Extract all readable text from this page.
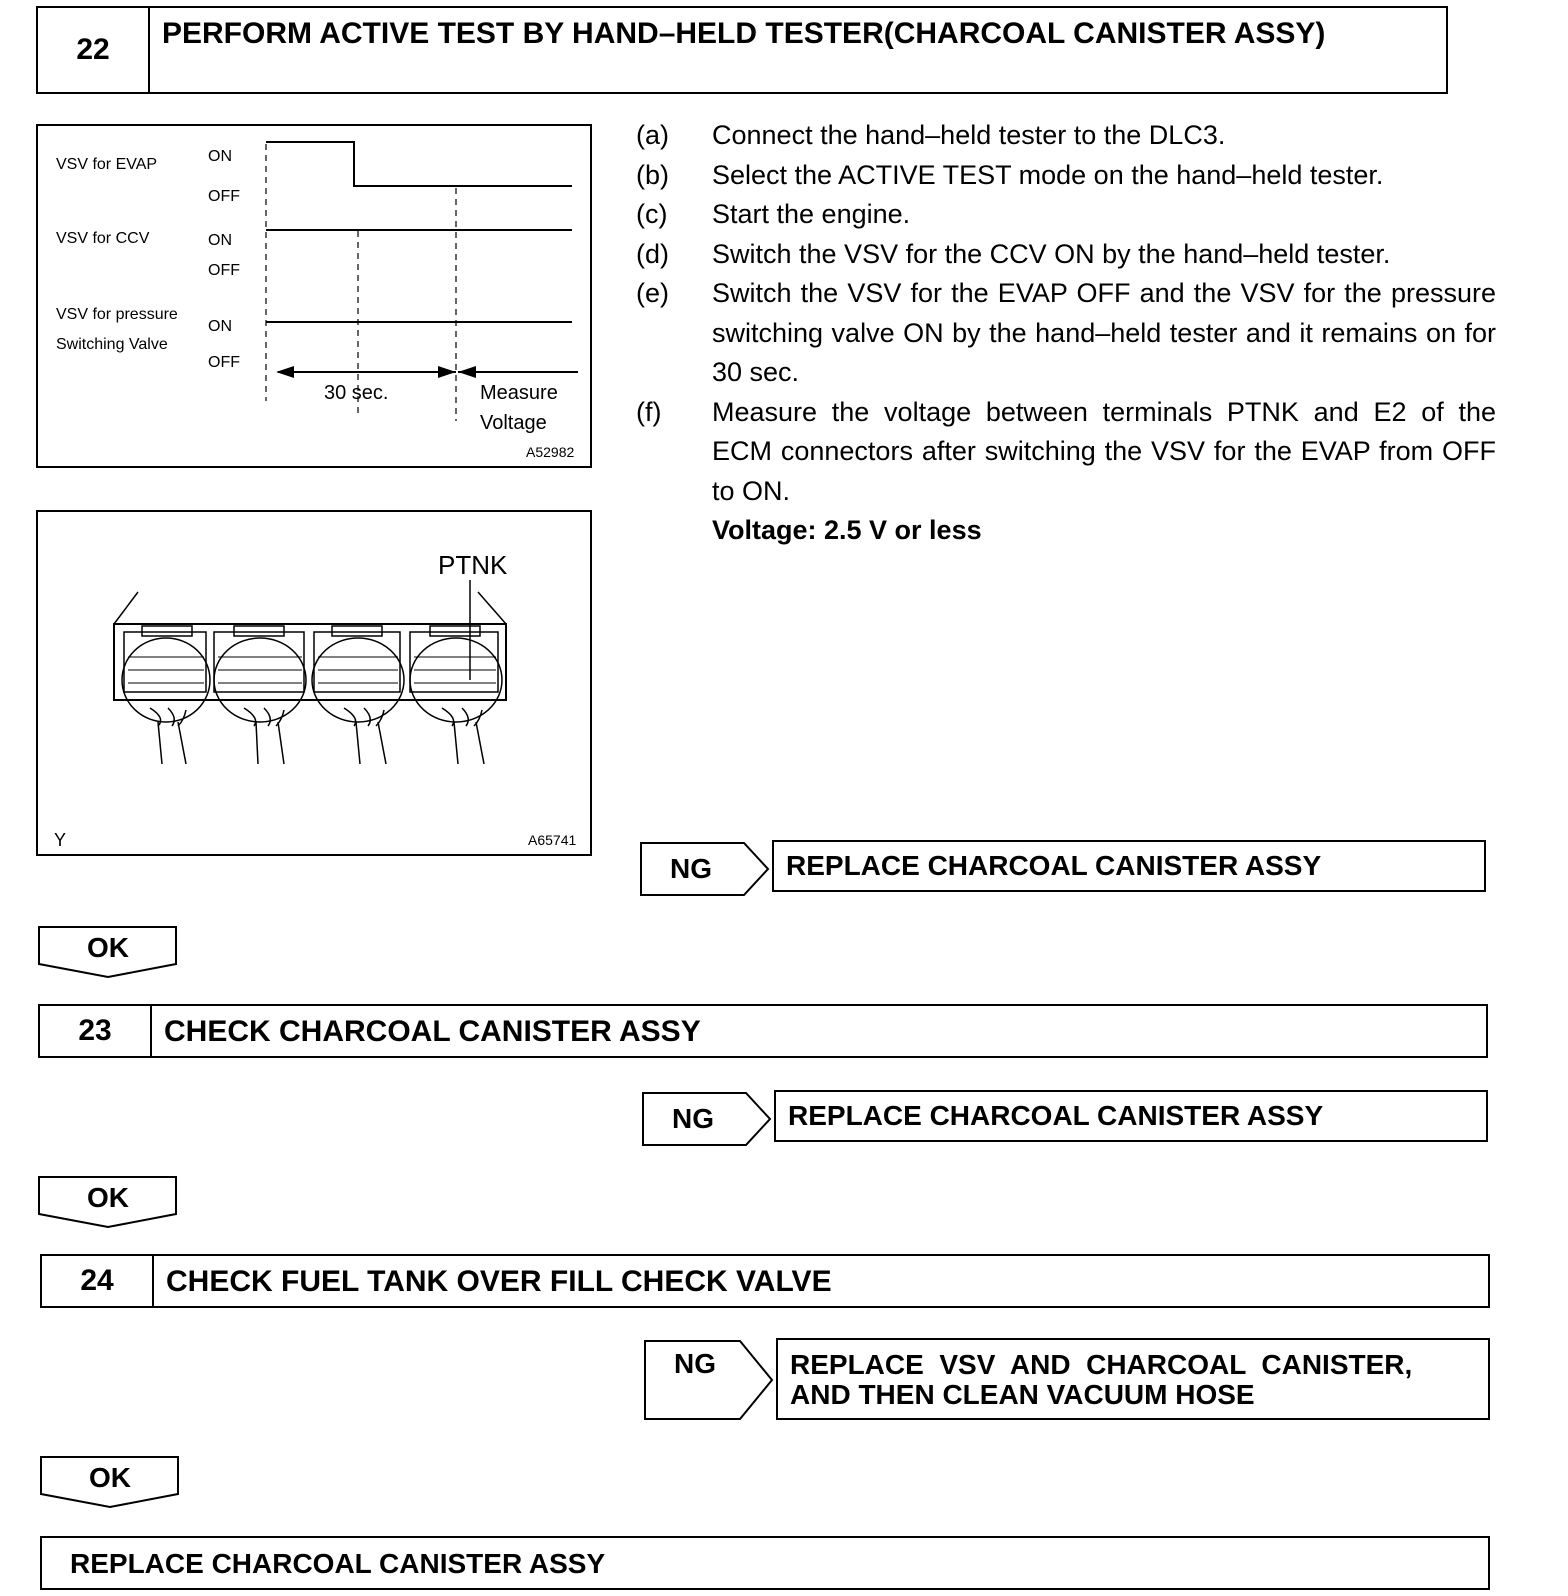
22	PERFORM ACTIVE TEST BY HAND–HELD TESTER(CHARCOAL CANISTER ASSY)
VSV for EVAP	ON
OFF
VSV for CCV	ON
OFF
VSV for pressure
Switching Valve
ON
OFF
30 sec.	Measure
Voltage
A52982
PTNK
Y	A65741
(a)	Connect the hand–held tester to the DLC3.
(b)	Select the ACTIVE TEST mode on the hand–held tester.
(c)	Start the engine.
(d)	Switch the VSV for the CCV ON by the hand–held tester.
(e)	Switch the VSV for the EVAP OFF and the VSV for the pressure switching valve ON by the hand–held tester and it remains on for 30 sec.
(f)	Measure the voltage between terminals PTNK and E2 of the ECM connectors after switching the VSV for the EVAP from OFF to ON.
Voltage: 2.5 V or less
NG	REPLACE CHARCOAL CANISTER ASSY
OK
23	CHECK CHARCOAL CANISTER ASSY
NG	REPLACE CHARCOAL CANISTER ASSY
OK
24	CHECK FUEL TANK OVER FILL CHECK VALVE
NG	REPLACE  VSV  AND  CHARCOAL  CANISTER,
AND THEN CLEAN VACUUM HOSE
OK
REPLACE CHARCOAL CANISTER ASSY
